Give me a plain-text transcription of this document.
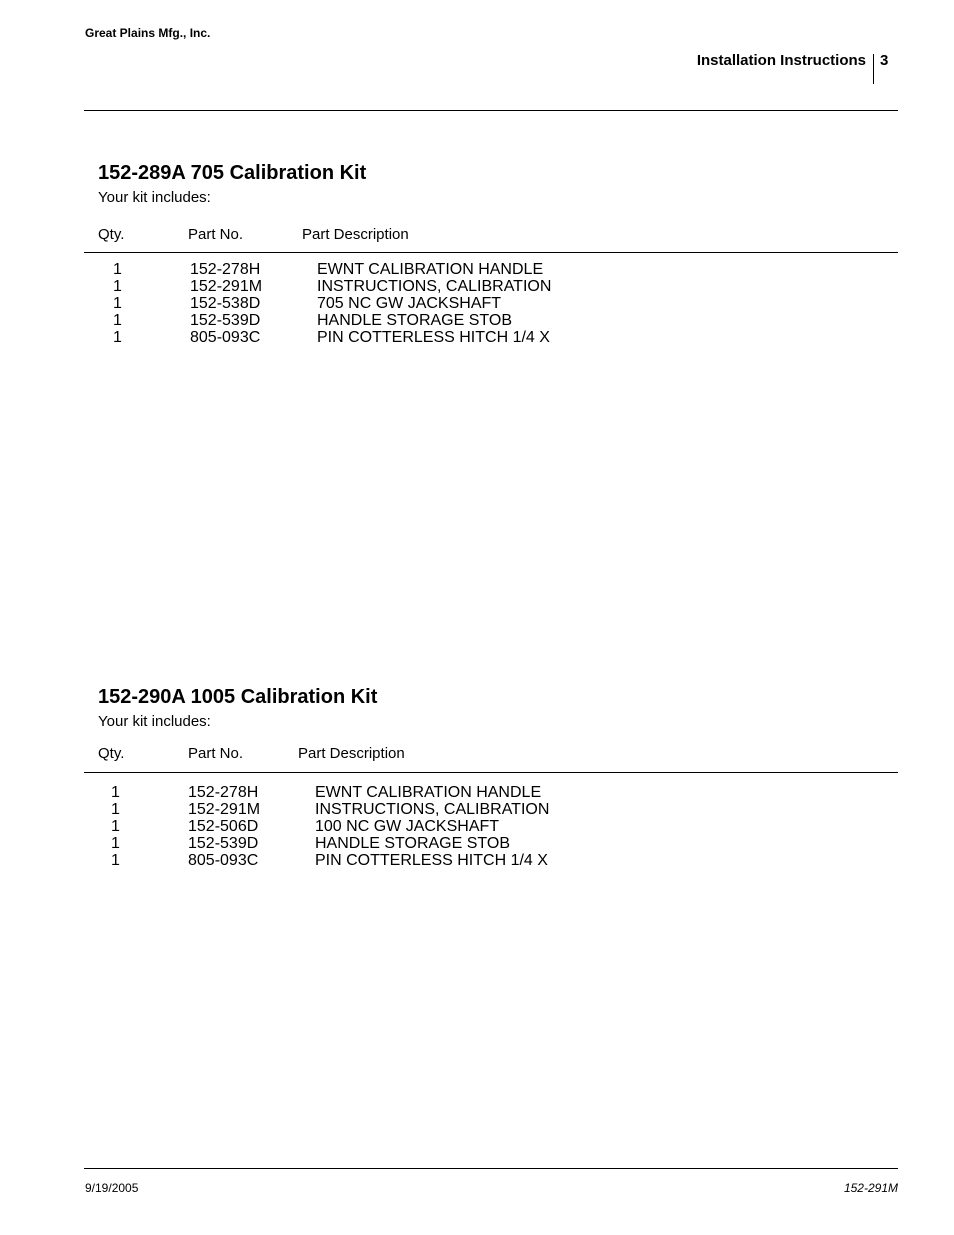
Great Plains Mfg., Inc.
Installation Instructions 3
152-289A 705 Calibration Kit
Your kit includes:
Qty.	Part No.	Part Description
1	152-278H	EWNT CALIBRATION HANDLE
1	152-291M	INSTRUCTIONS, CALIBRATION
1	152-538D	705 NC GW JACKSHAFT
1	152-539D	HANDLE STORAGE STOB
1	805-093C	PIN COTTERLESS HITCH 1/4 X
152-290A 1005 Calibration Kit
Your kit includes:
Qty.	Part No.	Part Description
1	152-278H	EWNT CALIBRATION HANDLE
1	152-291M	INSTRUCTIONS, CALIBRATION
1	152-506D	100 NC GW JACKSHAFT
1	152-539D	HANDLE STORAGE STOB
1	805-093C	PIN COTTERLESS HITCH 1/4 X
9/19/2005	152-291M
